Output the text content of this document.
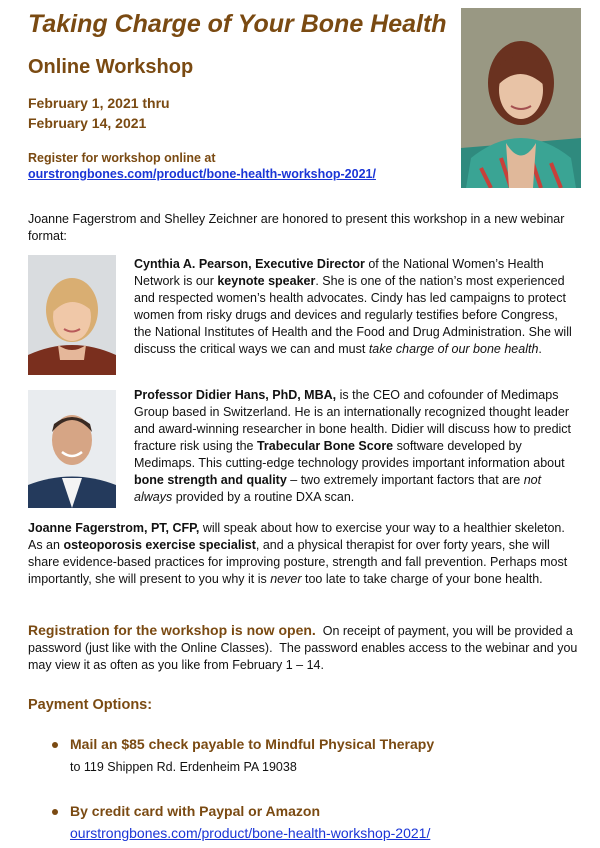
Taking Charge of Your Bone Health
Online Workshop
February 1, 2021 thru
February 14, 2021
Register for workshop online at
ourstrongbones.com/product/bone-health-workshop-2021/
Joanne Fagerstrom and Shelley Zeichner are honored to present this workshop in a new webinar format:
Cynthia A. Pearson, Executive Director of the National Women’s Health Network is our keynote speaker. She is one of the nation’s most experienced and respected women’s health advocates. Cindy has led campaigns to protect women from risky drugs and devices and regularly testifies before Congress, the National Institutes of Health and the Food and Drug Administration. She will discuss the critical ways we can and must take charge of our bone health.
Professor Didier Hans, PhD, MBA, is the CEO and cofounder of Medimaps Group based in Switzerland. He is an internationally recognized thought leader and award-winning researcher in bone health. Didier will discuss how to predict fracture risk using the Trabecular Bone Score software developed by Medimaps. This cutting-edge technology provides important information about bone strength and quality – two extremely important factors that are not always provided by a routine DXA scan.
Joanne Fagerstrom, PT, CFP, will speak about how to exercise your way to a healthier skeleton. As an osteoporosis exercise specialist, and a physical therapist for over forty years, she will share evidence-based practices for improving posture, strength and fall prevention. Perhaps most importantly, she will present to you why it is never too late to take charge of your bone health.
Registration for the workshop is now open.  On receipt of payment, you will be provided a password (just like with the Online Classes).  The password enables access to the webinar and you may view it as often as you like from February 1 – 14.
Payment Options:
Mail an $85 check payable to Mindful Physical Therapy
to 119 Shippen Rd. Erdenheim PA 19038
By credit card with Paypal or Amazon
ourstrongbones.com/product/bone-health-workshop-2021/
